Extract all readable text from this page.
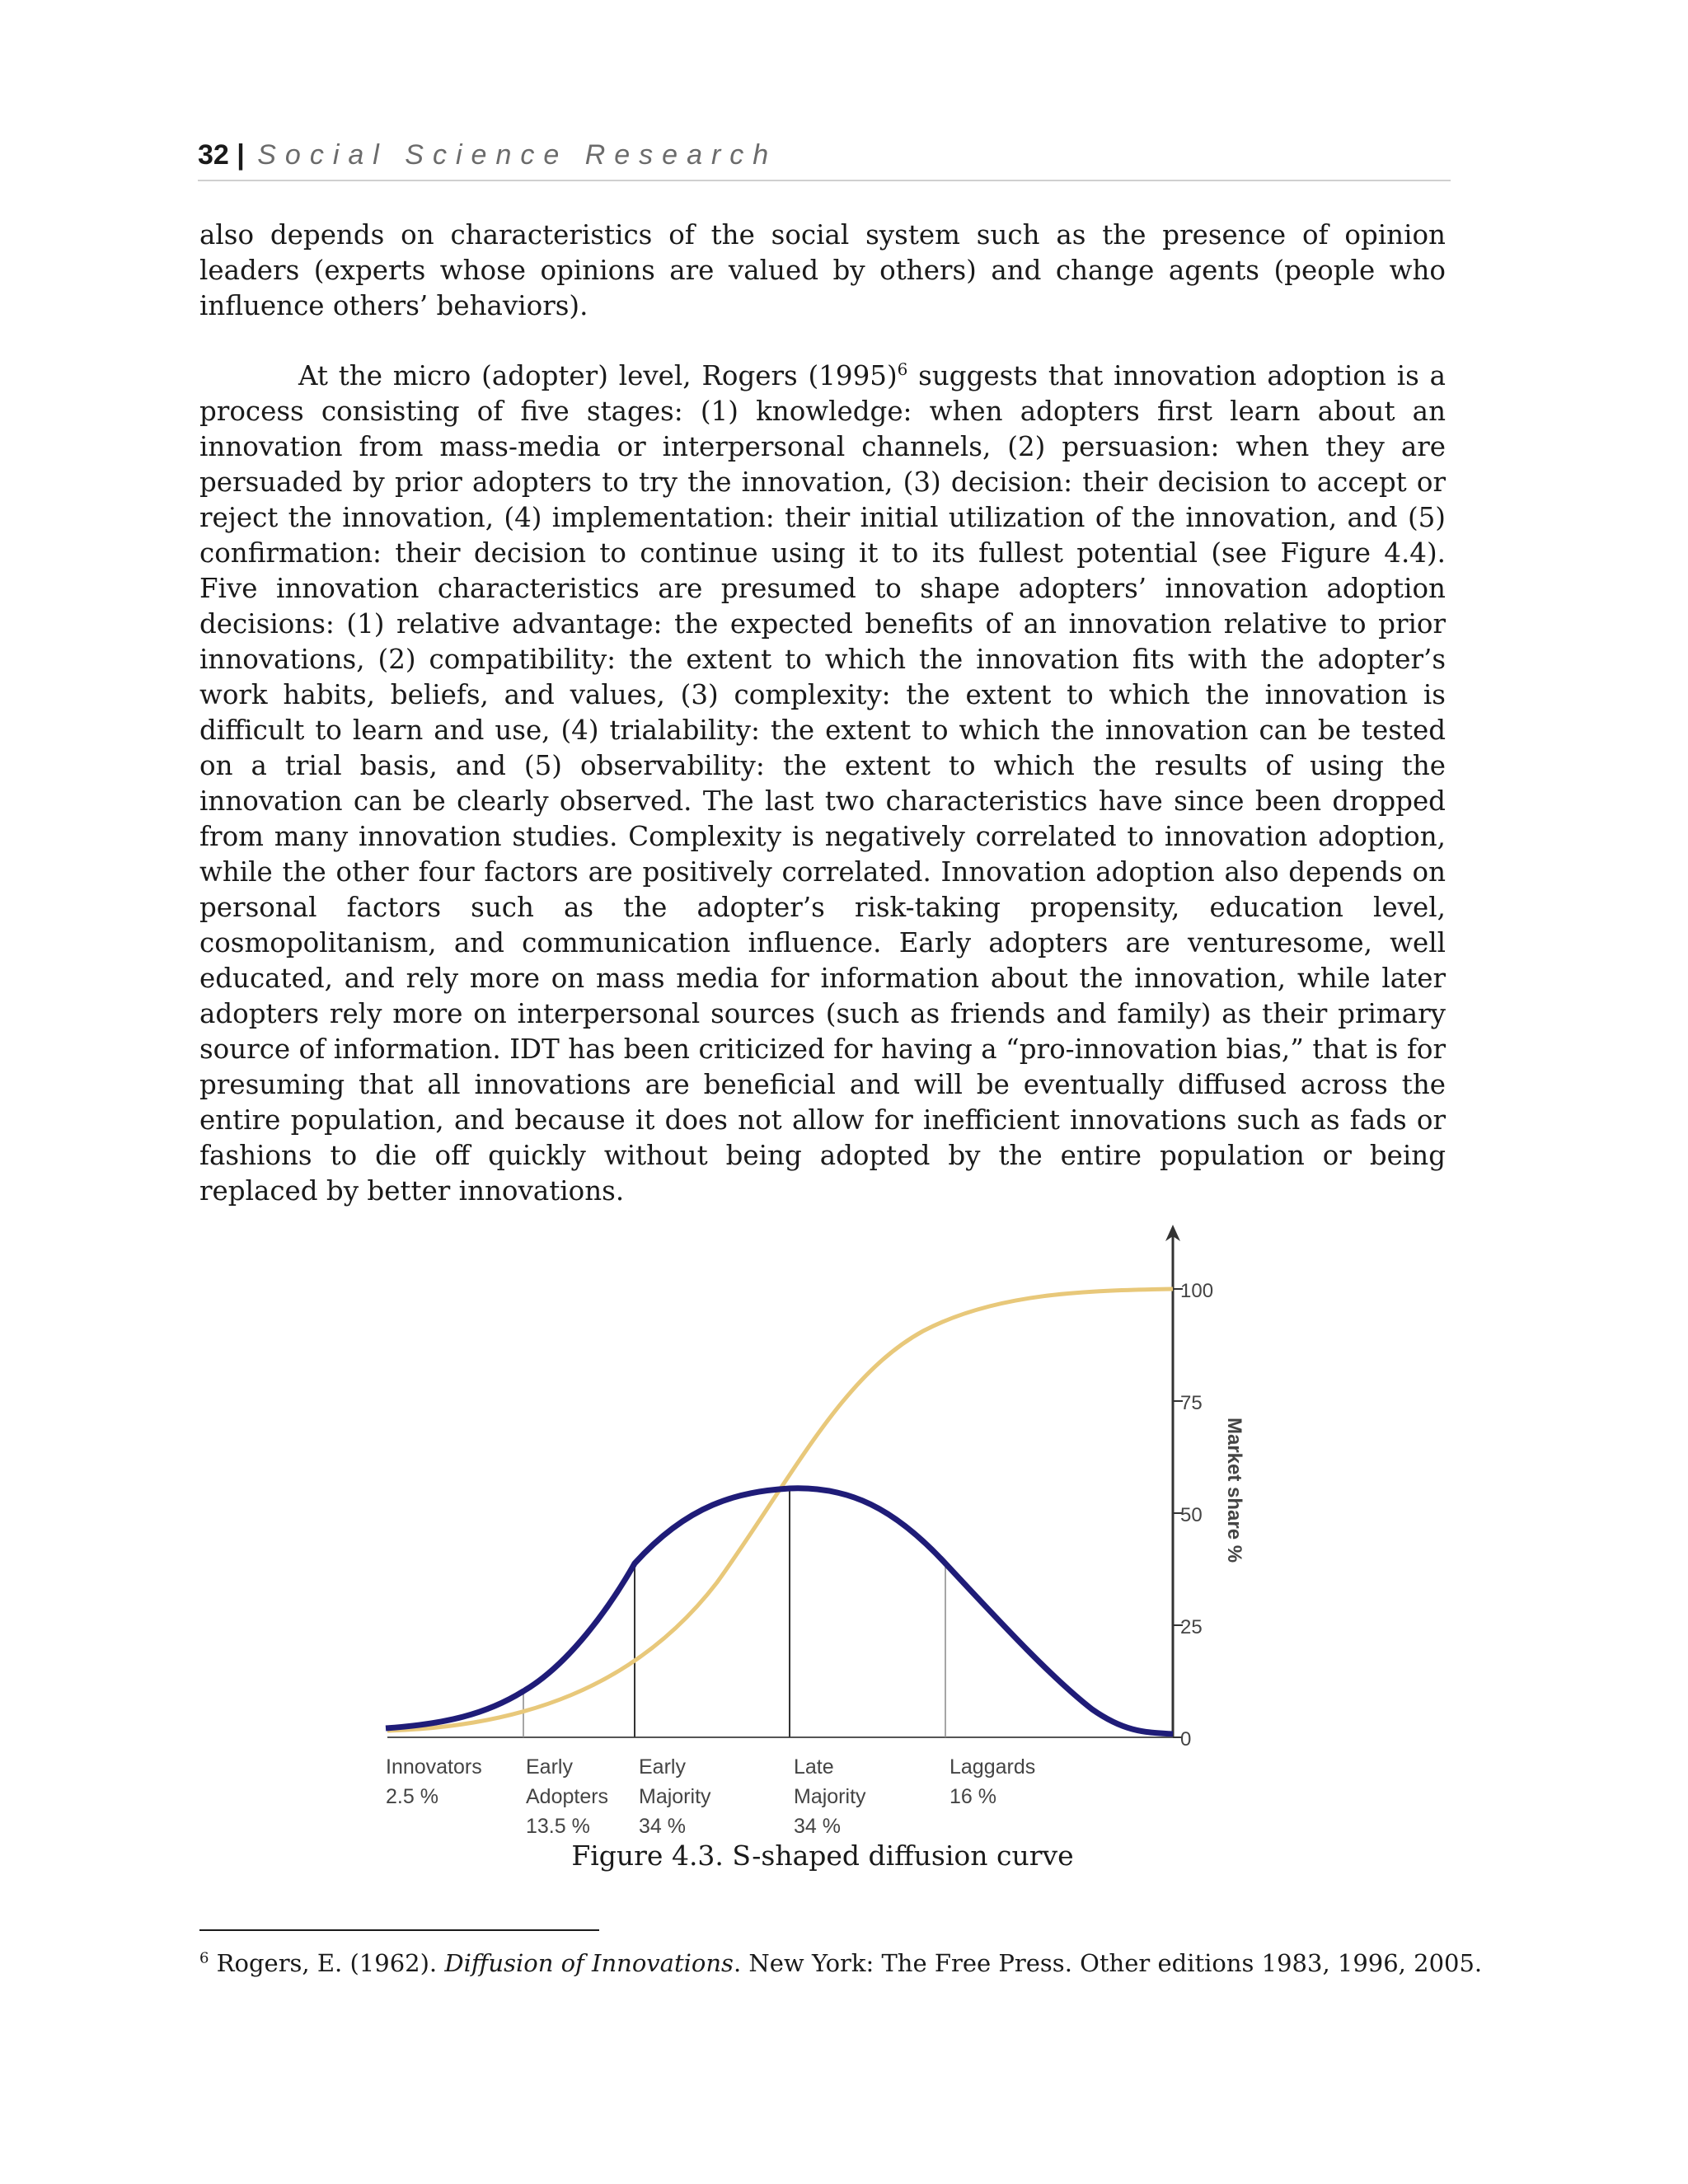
32 | Social Science Research

also depends on characteristics of the social system such as the presence of opinion leaders (experts whose opinions are valued by others) and change agents (people who influence others’ behaviors).

At the micro (adopter) level, Rogers $(1995)^6$ suggests that innovation adoption is a process consisting of five stages: (1) knowledge: when adopters first learn about an innovation from mass-media or interpersonal channels, (2) persuasion: when they are persuaded by prior adopters to try the innovation, (3) decision: their decision to accept or reject the innovation, (4) implementation: their initial utilization of the innovation, and (5) confirmation: their decision to continue using it to its fullest potential (see Figure 4.4). Five innovation characteristics are presumed to shape adopters’ innovation adoption decisions: (1) relative advantage: the expected benefits of an innovation relative to prior innovations, (2) compatibility: the extent to which the innovation fits with the adopter’s work habits, beliefs, and values, (3) complexity: the extent to which the innovation is difficult to learn and use, (4) trialability: the extent to which the innovation can be tested on a trial basis, and (5) observability: the extent to which the results of using the innovation can be clearly observed. The last two characteristics have since been dropped from many innovation studies. Complexity is negatively correlated to innovation adoption, while the other four factors are positively correlated. Innovation adoption also depends on personal factors such as the adopter’s risk-taking propensity, education level, cosmopolitanism, and communication influence. Early adopters are venturesome, well educated, and rely more on mass media for information about the innovation, while later adopters rely more on interpersonal sources (such as friends and family) as their primary source of information. IDT has been criticized for having a “pro-innovation bias,” that is for presuming that all innovations are beneficial and will be eventually diffused across the entire population, and because it does not allow for inefficient innovations such as fads or fashions to die off quickly without being adopted by the entire population or being replaced by better innovations.

100
75
50
25
0
Market share %
Innovators 2.5 %
Early Adopters 13.5 %
Early Majority 34 %
Late Majority 34 %
Laggards 16 %
Figure 4.3. S-shaped diffusion curve
$^6$ Rogers, E. (1962). Diffusion of Innovations. New York: The Free Press. Other editions 1983, 1996, 2005.
